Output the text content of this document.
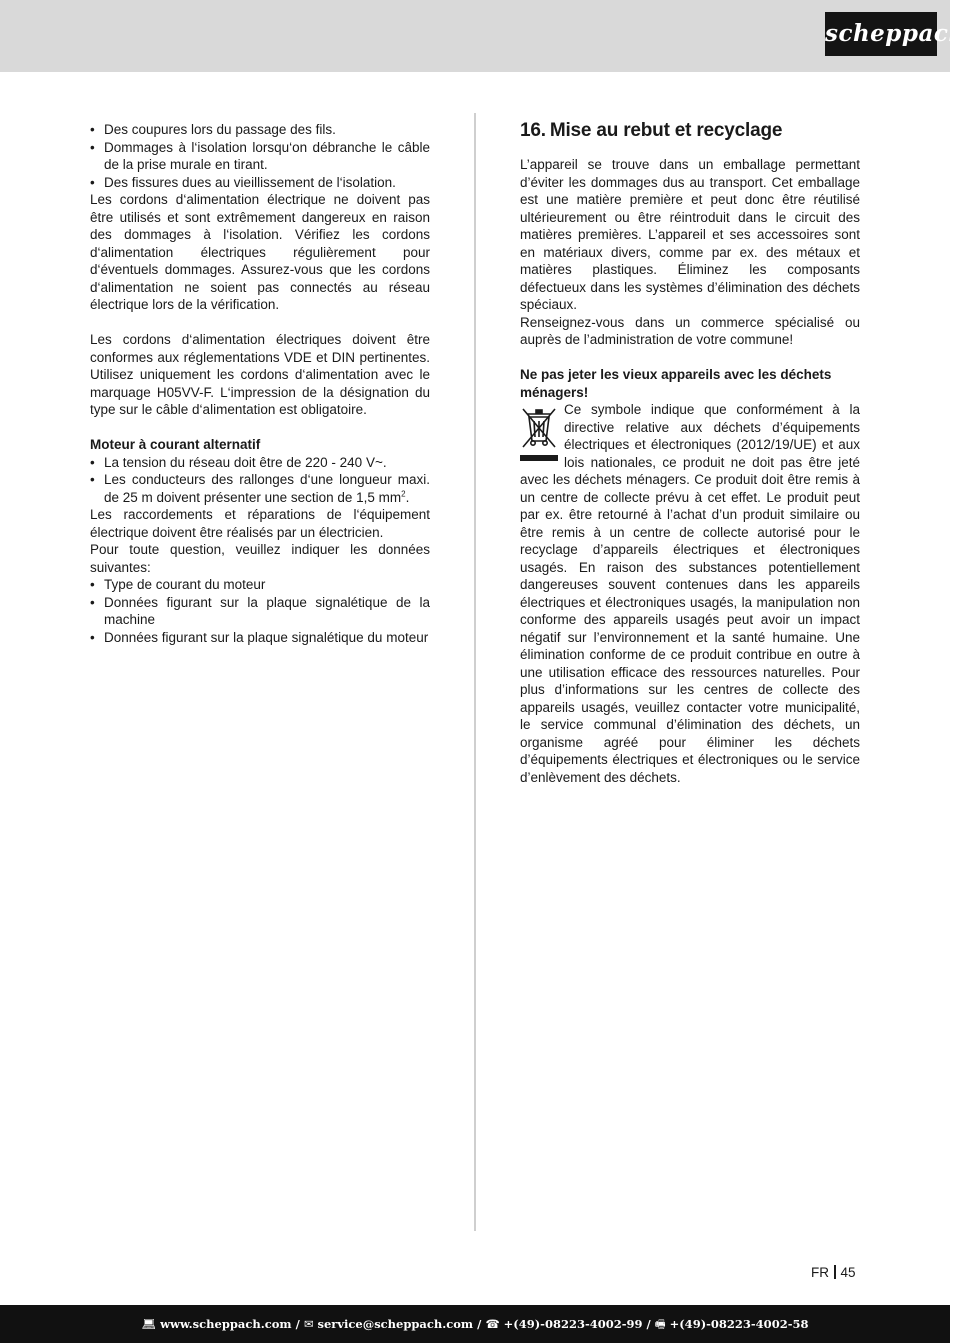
scheppach
• Des coupures lors du passage des fils.
• Dommages à l‘isolation lorsqu‘on débranche le câble de la prise murale en tirant.
• Des fissures dues au vieillissement de l‘isolation.

Les cordons d‘alimentation électrique ne doivent pas être utilisés et sont extrêmement dangereux en raison des dommages à l‘isolation. Vérifiez les cordons d‘alimentation électriques régulièrement pour d‘éventuels dommages. Assurez-vous que les cordons d‘alimentation ne soient pas connectés au réseau électrique lors de la vérification.

Les cordons d‘alimentation électriques doivent être conformes aux réglementations VDE et DIN pertinentes. Utilisez uniquement les cordons d‘alimentation avec le marquage H05VV-F. L‘impression de la désignation du type sur le câble d‘alimentation est obligatoire.

Moteur à courant alternatif

• La tension du réseau doit être de 220 - 240 V~.
• Les conducteurs des rallonges d‘une longueur maxi. de 25 m doivent présenter une section de 1,5 $mm^2$.

Les raccordements et réparations de l‘équipement électrique doivent être réalisés par un électricien.

Pour toute question, veuillez indiquer les données suivantes:

• Type de courant du moteur
• Données figurant sur la plaque signalétique de la machine
• Données figurant sur la plaque signalétique du moteur
16. Mise au rebut et recyclage

L’appareil se trouve dans un emballage permettant d’éviter les dommages dus au transport. Cet emballage est une matière première et peut donc être réutilisé ultérieurement ou être réintroduit dans le circuit des matières premières. L’appareil et ses accessoires sont en matériaux divers, comme par ex. des métaux et matières plastiques. Éliminez les composants défectueux dans les systèmes d’élimination des déchets spéciaux.

Renseignez-vous dans un commerce spécialisé ou auprès de l’administration de votre commune!

Ne pas jeter les vieux appareils avec les déchets ménagers!

Ce symbole indique que conformément à la directive relative aux déchets d’équipements électriques et électroniques (2012/19/UE) et aux lois nationales, ce produit ne doit pas être jeté avec les déchets ménagers. Ce produit doit être remis à un centre de collecte prévu à cet effet. Le produit peut par ex. être retourné à l’achat d’un produit similaire ou être remis à un centre de collecte autorisé pour le recyclage d’appareils électriques et électroniques usagés. En raison des substances potentiellement dangereuses souvent contenues dans les appareils électriques et électroniques usagés, la manipulation non conforme des appareils usagés peut avoir un impact négatif sur l’environnement et la santé humaine. Une élimination conforme de ce produit contribue en outre à une utilisation efficace des ressources naturelles. Pour plus d’informations sur les centres de collecte des appareils usagés, veuillez contacter votre municipalité, le service communal d’élimination des déchets, un organisme agréé pour éliminer les déchets d’équipements électriques et électroniques ou le service d’enlèvement des déchets.

FR 45
💻︎ www.scheppach.com / ✉︎ service@scheppach.com / ☎︎ +(49)-08223-4002-99 / 🖷︎ +(49)-08223-4002-58
